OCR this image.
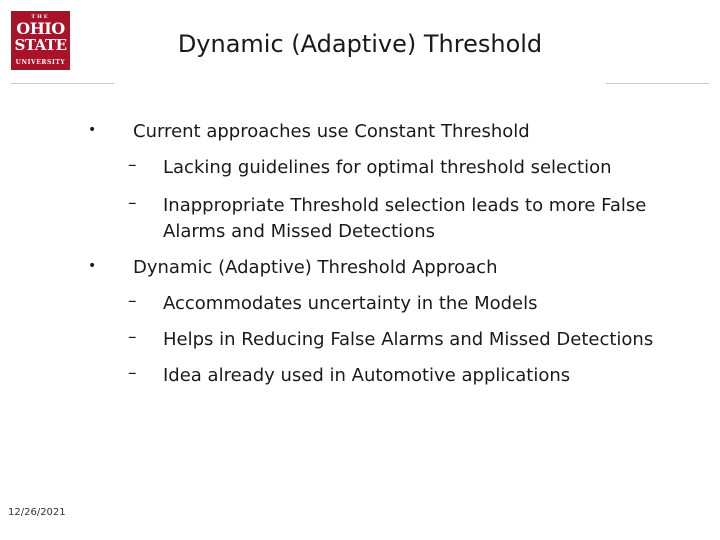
THE
OHIO
STATE
UNIVERSITY
Dynamic (Adaptive) Threshold
• Current approaches use Constant Threshold
– Lacking guidelines for optimal threshold selection
– Inappropriate Threshold selection leads to more False
Alarms and Missed Detections
• Dynamic (Adaptive) Threshold Approach
– Accommodates uncertainty in the Models
– Helps in Reducing False Alarms and Missed Detections
– Idea already used in Automotive applications
12/26/2021
